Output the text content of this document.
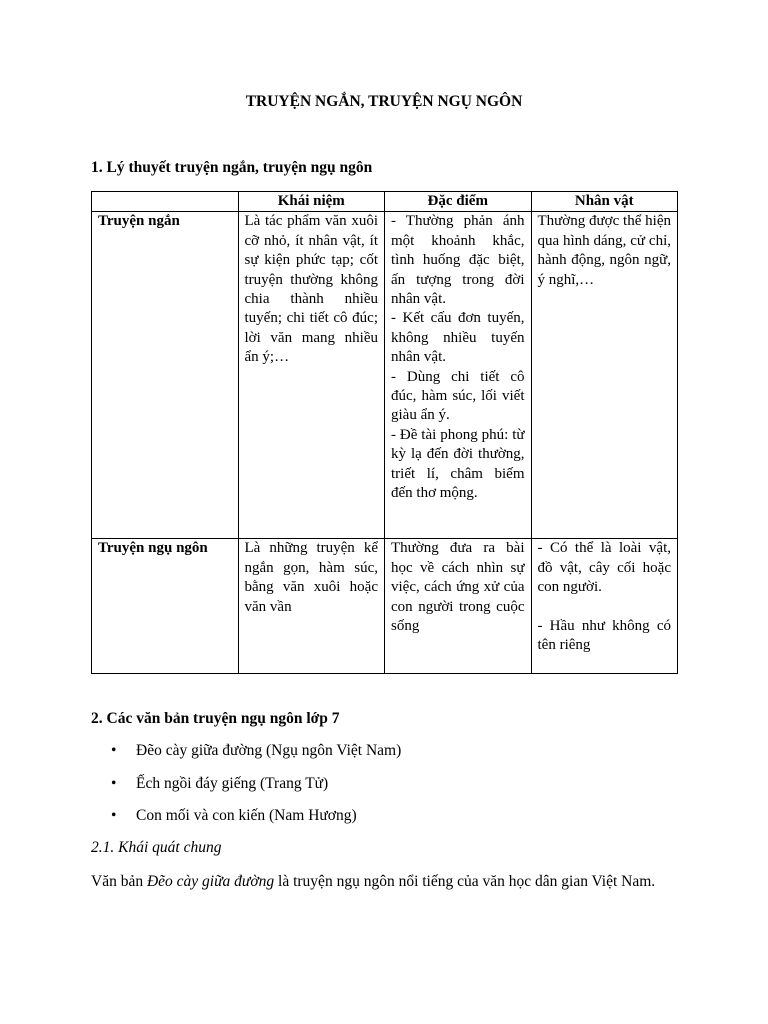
TRUYỆN NGẮN, TRUYỆN NGỤ NGÔN
1. Lý thuyết truyện ngắn, truyện ngụ ngôn
	Khái niệm	Đặc điểm	Nhân vật
Truyện ngắn	Là tác phẩm văn xuôi cỡ nhỏ, ít nhân vật, ít sự kiện phức tạp; cốt truyện thường không chia thành nhiều tuyến; chi tiết cô đúc; lời văn mang nhiều ẩn ý;…	- Thường phản ánh một khoảnh khắc, tình huống đặc biệt, ấn tượng trong đời nhân vật.
- Kết cấu đơn tuyến, không nhiều tuyến nhân vật.
- Dùng chi tiết cô đúc, hàm súc, lối viết giàu ẩn ý.
- Đề tài phong phú: từ kỳ lạ đến đời thường, triết lí, châm biếm đến thơ mộng.	Thường được thể hiện qua hình dáng, cử chỉ, hành động, ngôn ngữ, ý nghĩ,…

Truyện ngụ ngôn	Là những truyện kể ngắn gọn, hàm súc, bằng văn xuôi hoặc văn vần	Thường đưa ra bài học về cách nhìn sự việc, cách ứng xử của con người trong cuộc sống	- Có thể là loài vật, đồ vật, cây cối hoặc con người.
- Hầu như không có tên riêng
2. Các văn bản truyện ngụ ngôn lớp 7
• Đẽo cày giữa đường (Ngụ ngôn Việt Nam)
• Ếch ngồi đáy giếng (Trang Tử)
• Con mối và con kiến (Nam Hương)
2.1. Khái quát chung

Văn bản Đẽo cày giữa đường là truyện ngụ ngôn nổi tiếng của văn học dân gian Việt Nam.
